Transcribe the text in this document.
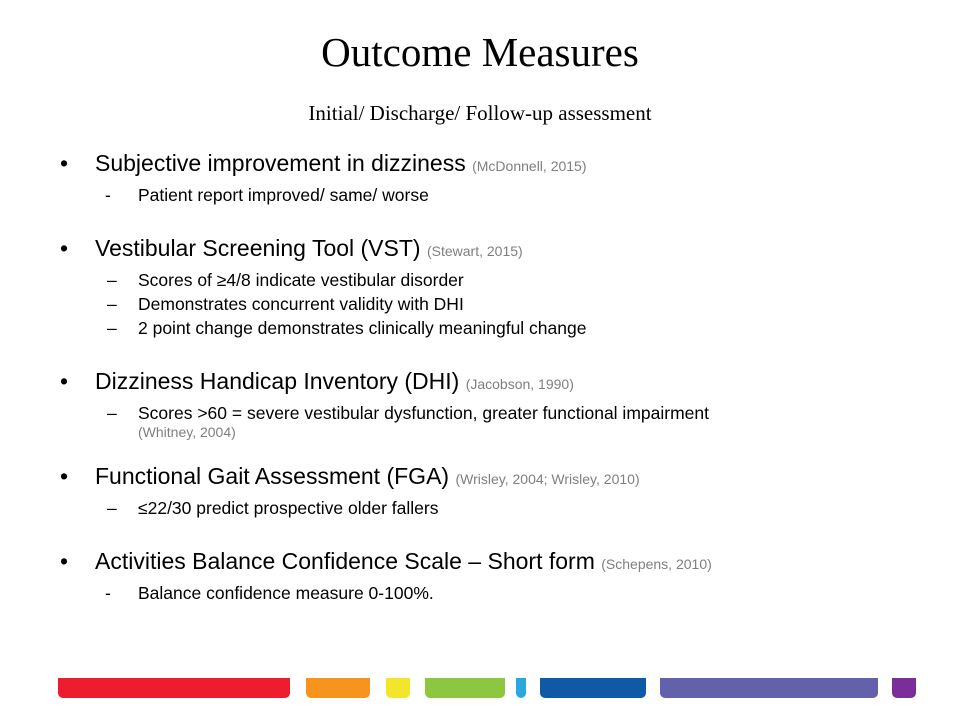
Outcome Measures
Initial/ Discharge/ Follow-up assessment
• Subjective improvement in dizziness (McDonnell, 2015)
- Patient report improved/ same/ worse
• Vestibular Screening Tool (VST) (Stewart, 2015)
– Scores of ≥4/8 indicate vestibular disorder
– Demonstrates concurrent validity with DHI
– 2 point change demonstrates clinically meaningful change
• Dizziness Handicap Inventory (DHI) (Jacobson, 1990)
– Scores >60 = severe vestibular dysfunction, greater functional impairment
(Whitney, 2004)
• Functional Gait Assessment (FGA) (Wrisley, 2004; Wrisley, 2010)
– ≤22/30 predict prospective older fallers
• Activities Balance Confidence Scale – Short form (Schepens, 2010)
- Balance confidence measure 0-100%.
